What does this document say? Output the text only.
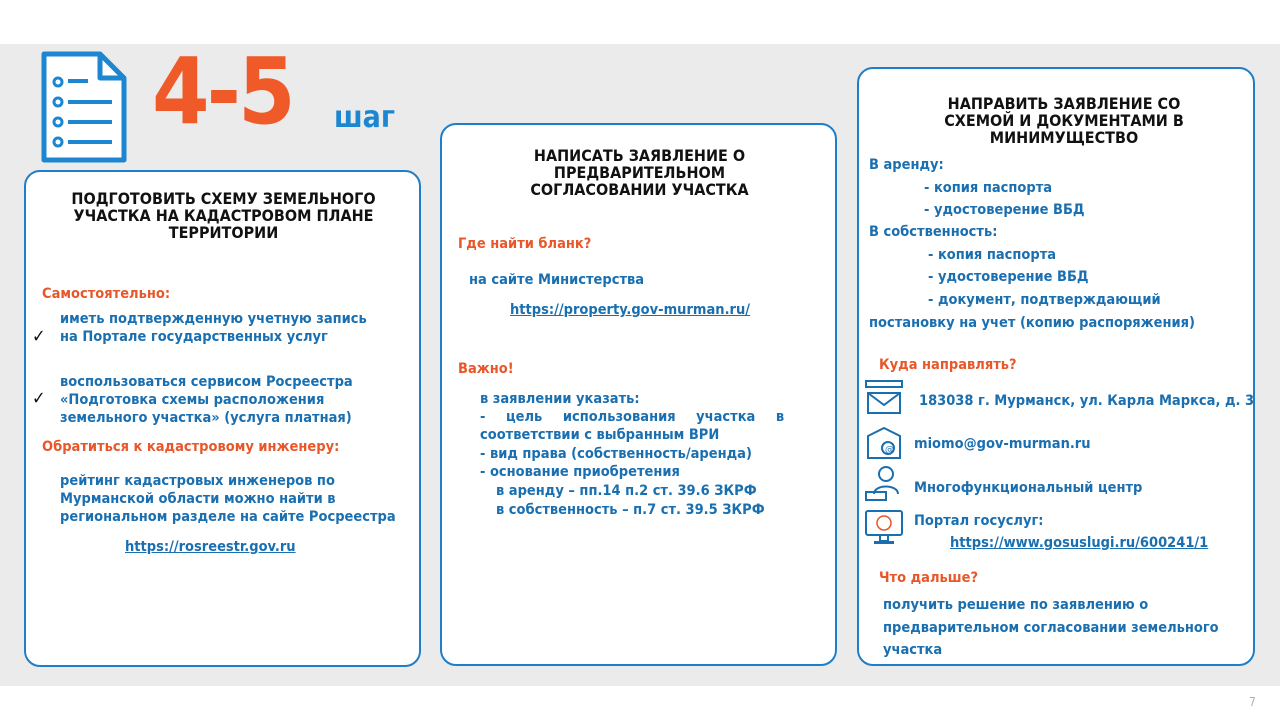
4-5 шаг
ПОДГОТОВИТЬ СХЕМУ ЗЕМЕЛЬНОГО УЧАСТКА НА КАДАСТРОВОМ ПЛАНЕ ТЕРРИТОРИИ
Самостоятельно:
✓
иметь подтвержденную учетную запись
на Портале государственных услуг
✓
воспользоваться сервисом Росреестра
«Подготовка схемы расположения
земельного участка» (услуга платная)
Обратиться к кадастровому инженеру:
рейтинг кадастровых инженеров по
Мурманской области можно найти в
региональном разделе на сайте Росреестра
https://rosreestr.gov.ru
НАПИСАТЬ ЗАЯВЛЕНИЕ О ПРЕДВАРИТЕЛЬНОМ СОГЛАСОВАНИИ УЧАСТКА
Где найти бланк?
на сайте Министерства
https://property.gov-murman.ru/
Важно!
в заявлении указать:
- цель использования участка в
соответствии с выбранным ВРИ
- вид права (собственность/аренда)
- основание приобретения
в аренду – пп.14 п.2 ст. 39.6 ЗКРФ
в собственность – п.7 ст. 39.5 ЗКРФ
НАПРАВИТЬ ЗАЯВЛЕНИЕ СО СХЕМОЙ И ДОКУМЕНТАМИ В МИНИМУЩЕСТВО
В аренду:
- копия паспорта
- удостоверение ВБД
В собственность:
- копия паспорта
- удостоверение ВБД
- документ, подтверждающий
постановку на учет (копию распоряжения)
Куда направлять?
183038 г. Мурманск, ул. Карла Маркса, д. 3
@ miomo@gov-murman.ru
Многофункциональный центр
Портал госуслуг:
https://www.gosuslugi.ru/600241/1
Что дальше?
получить решение по заявлению о
предварительном согласовании земельного
участка
7
